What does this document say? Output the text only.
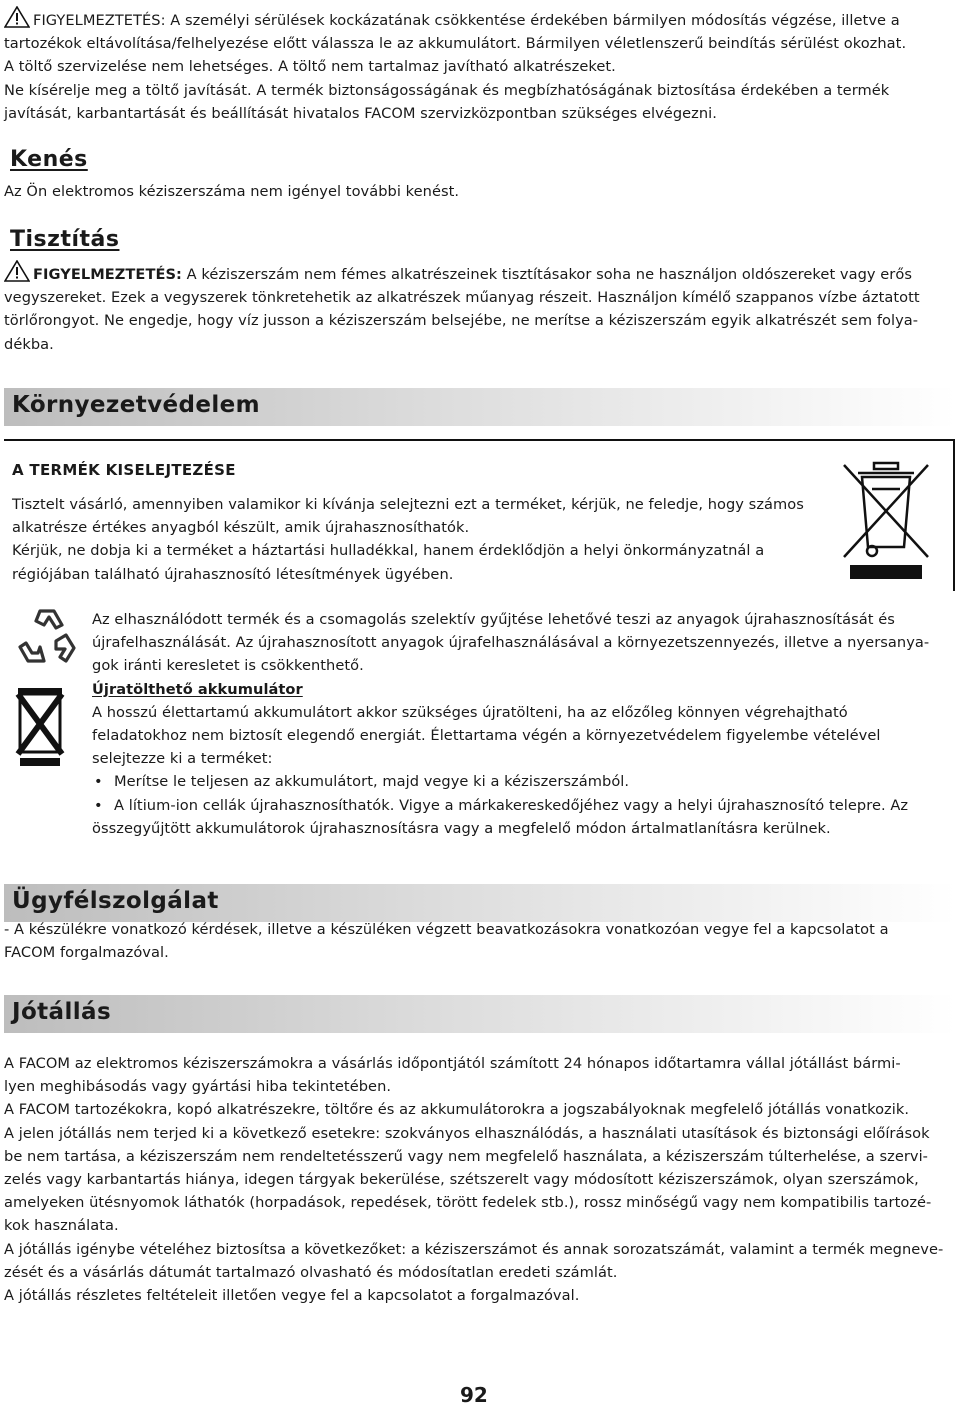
FIGYELMEZTETÉS: A személyi sérülések kockázatának csökkentése érdekében bármilyen módosítás végzése, illetve a

tartozékok eltávolítása/felhelyezése előtt válassza le az akkumulátort. Bármilyen véletlenszerű beindítás sérülést okozhat.

A töltő szervizelése nem lehetséges. A töltő nem tartalmaz javítható alkatrészeket.

Ne kísérelje meg a töltő javítását. A termék biztonságosságának és megbízhatóságának biztosítása érdekében a termék

javítását, karbantartását és beállítását hivatalos FACOM szervizközpontban szükséges elvégezni.

Kenés

Az Ön elektromos kéziszerszáma nem igényel további kenést.

Tisztítás

FIGYELMEZTETÉS: A kéziszerszám nem fémes alkatrészeinek tisztításakor soha ne használjon oldószereket vagy erős

vegyszereket. Ezek a vegyszerek tönkretehetik az alkatrészek műanyag részeit. Használjon kímélő szappanos vízbe áztatott

törlőrongyot. Ne engedje, hogy víz jusson a kéziszerszám belsejébe, ne merítse a kéziszerszám egyik alkatrészét sem folya-

dékba.

Környezetvédelem
A TERMÉK KISELEJTEZÉSE

Tisztelt vásárló, amennyiben valamikor ki kívánja selejtezni ezt a terméket, kérjük, ne feledje, hogy számos

alkatrésze értékes anyagból készült, amik újrahasznosíthatók.

Kérjük, ne dobja ki a terméket a háztartási hulladékkal, hanem érdeklődjön a helyi önkormányzatnál a

régiójában található újrahasznosító létesítmények ügyében.

Az elhasználódott termék és a csomagolás szelektív gyűjtése lehetővé teszi az anyagok újrahasznosítását és

újrafelhasználását. Az újrahasznosított anyagok újrafelhasználásával a környezetszennyezés, illetve a nyersanya-

gok iránti keresletet is csökkenthető.

Újratölthető akkumulátor

A hosszú élettartamú akkumulátort akkor szükséges újratölteni, ha az előzőleg könnyen végrehajtható

feladatokhoz nem biztosít elegendő energiát. Élettartama végén a környezetvédelem figyelembe vételével

selejtezze ki a terméket:

• Merítse le teljesen az akkumulátort, majd vegye ki a kéziszerszámból.

• A lítium-ion cellák újrahasznosíthatók. Vigye a márkakereskedőjéhez vagy a helyi újrahasznosító telepre. Az

összegyűjtött akkumulátorok újrahasznosításra vagy a megfelelő módon ártalmatlanításra kerülnek.

Ügyfélszolgálat

- A készülékre vonatkozó kérdések, illetve a készüléken végzett beavatkozásokra vonatkozóan vegye fel a kapcsolatot a

FACOM forgalmazóval.

Jótállás

A FACOM az elektromos kéziszerszámokra a vásárlás időpontjától számított 24 hónapos időtartamra vállal jótállást bármi-

lyen meghibásodás vagy gyártási hiba tekintetében.

A FACOM tartozékokra, kopó alkatrészekre, töltőre és az akkumulátorokra a jogszabályoknak megfelelő jótállás vonatkozik.

A jelen jótállás nem terjed ki a következő esetekre: szokványos elhasználódás, a használati utasítások és biztonsági előírások

be nem tartása, a kéziszerszám nem rendeltetésszerű vagy nem megfelelő használata, a kéziszerszám túlterhelése, a szervi-

zelés vagy karbantartás hiánya, idegen tárgyak bekerülése, szétszerelt vagy módosított kéziszerszámok, olyan szerszámok,

amelyeken ütésnyomok láthatók (horpadások, repedések, törött fedelek stb.), rossz minőségű vagy nem kompatibilis tartozé-

kok használata.

A jótállás igénybe vételéhez biztosítsa a következőket: a kéziszerszámot és annak sorozatszámát, valamint a termék megneve-

zését és a vásárlás dátumát tartalmazó olvasható és módosítatlan eredeti számlát.

A jótállás részletes feltételeit illetően vegye fel a kapcsolatot a forgalmazóval.

92
